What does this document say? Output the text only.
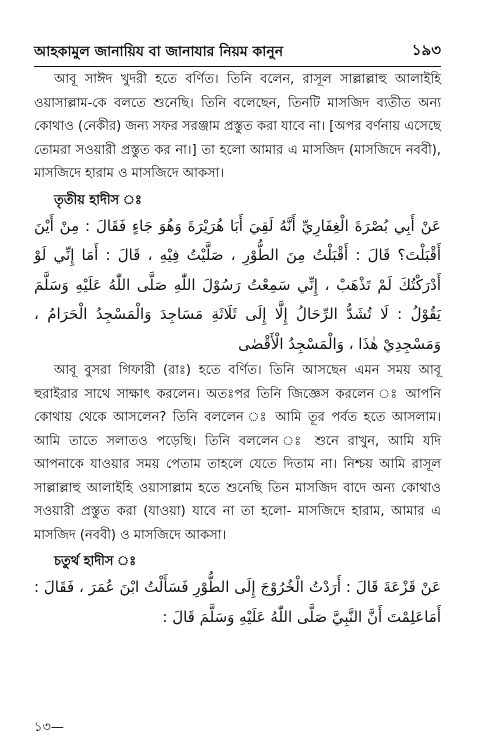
আহকামুল জানায়িয বা জানাযার নিয়ম কানুন	১৯৩

আবূ সাঈদ খুদরী হতে বর্ণিত। তিনি বলেন, রাসূল সাল্লাল্লাহু আলাইহি ওয়াসাল্লাম-কে বলতে শুনেছি। তিনি বলেছেন, তিনটি মাসজিদ ব্যতীত অন্য কোথাও (নেকীর) জন্য সফর সরঞ্জাম প্রস্তুত করা যাবে না। [অপর বর্ণনায় এসেছে তোমরা সওয়ারী প্রস্তুত কর না।] তা হলো আমার এ মাসজিদ (মাসজিদে নববী), মাসজিদে হারাম ও মাসজিদে আকসা।

তৃতীয় হাদীস ঃ

عَنْ أَبِي بُصْرَةَ الْغِفَارِيِّ أَنَّهُ لَقِيَ أَبَا هُرَيْرَةَ وَهُوَ جَاءٍ فَقَالَ : مِنْ أَيْنَ أَقْبَلْتَ؟ قَالَ : أَقْبَلْتُ مِنَ الطُّوْرِ ، صَلَّيْتُ فِيْهِ ، قَالَ : أَمَا إِنِّي لَوْ أَدْرَكْتُكَ لَمْ تَذْهَبْ ، إِنِّي سَمِعْتُ رَسُوْلَ اللّٰهِ صَلَّى اللّٰهُ عَلَيْهِ وَسَلَّمَ يَقُوْلُ : لَا تُشَدُّ الرِّحَالُ إِلَّا إِلَى ثَلَاثَةِ مَسَاجِدَ وَالْمَسْجِدُ الْحَرَامُ ، وَمَسْجِدِيْ هٰذَا ، وَالْمَسْجِدُ الْأَقْصٰى

আবূ বুসরা গিফারী (রাঃ) হতে বর্ণিত। তিনি আসছেন এমন সময় আবূ হুরাইরার সাথে সাক্ষাৎ করলেন। অতঃপর তিনি জিজ্ঞেস করলেন ঃ আপনি কোথায় থেকে আসলেন? তিনি বললেন ঃ আমি তূর পর্বত হতে আসলাম। আমি তাতে সলাতও পড়েছি। তিনি বললেন ঃ শুনে রাখুন, আমি যদি আপনাকে যাওয়ার সময় পেতাম তাহলে যেতে দিতাম না। নিশ্চয় আমি রাসূল সাল্লাল্লাহু আলাইহি ওয়াসাল্লাম হতে শুনেছি তিন মাসজিদ বাদে অন্য কোথাও সওয়ারী প্রস্তুত করা (যাওয়া) যাবে না তা হলো- মাসজিদে হারাম, আমার এ মাসজিদ (নববী) ও মাসজিদে আকসা।

চতুর্থ হাদীস ঃ

عَنْ قَزْعَةَ قَالَ : أَرَدْتُ الْخُرُوْجَ إِلَى الطُّوْرِ فَسَأَلْتُ ابْنَ عُمَرَ ، فَقَالَ : أَمَاعَلِمْتَ أَنَّ النَّبِيَّ صَلَّى اللّٰهُ عَلَيْهِ وَسَلَّمَ قَالَ :

১৩—
